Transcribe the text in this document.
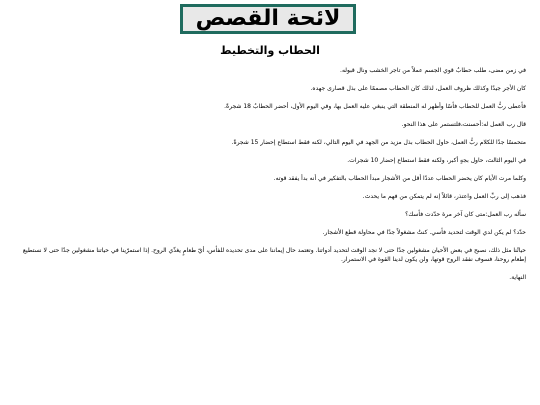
لائحة القصص
الحطاب والتخطيط

في زمن مضى، طلب حطابٌ قوي الجسم عملاً من تاجر الخشب ونال قبوله.

كان الأجر جيدًا وكذلك ظروف العمل، لذلك كان الحطاب مصممًا على بذل قصارى جهده.

فأعطى ربُّ العمل للحطاب فأسًا وأظهر له المنطقة التي ينبغي عليه العمل بها، وفي اليوم الأول، أحضر الحطابُ 18 شجرةً.

قال رب العمل له:أحسنت،فلتستمر على هذا النحو.

متحمسًا جدًا للكلام ربُّ العمل، حاول الحطاب بذل مزيد من الجهد في اليوم التالي، لكنه فقط استطاع إحضار 15 شجرةً.

في اليوم الثالث، حاول بجهٍ أكبر، ولكنه فقط استطاع إحضار 10 شجرات.

وكلما مرت الأيام كان يحضر الحطاب عددًا أقل من الأشجار مبدأ الحطاب بالتفكير في أنه بدأ يفقد قوته.

فذهب إلى ربِّ العمل واعتذر، قائلاً إنه لم يتمكن من فهم ما يحدث.

سأله رب العمل:متى كان آخر مرة حدّدت فأسك؟

حدّد؟ لم يكن لدي الوقت لتحديد فأسي. كنتُ مشغولاً جدًا في محاولة قطع الأشجار.

حياتُنا مثل ذلك، نصبح في بعض الأحيان مشغولين جدًا حتى لا نجد الوقت لتحديد أدواتنا. وتعتمد حال إيماننا على مدى تحديده للفأس، أيّ طعامٍ يغذّي الروح. إذا استمرّينا في حياتنا مشغولين جدًا حتى لا نستطيع إطعام روحنا، فسوف نفقد الروح قوتها، ولن يكون لدينا القوة في الاستمرار.

النهاية.
